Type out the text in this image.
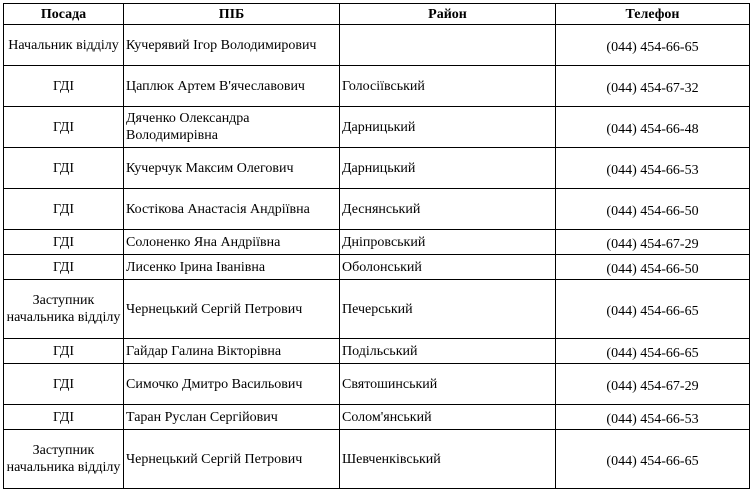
Посада	ПІБ	Район	Телефон
Начальник відділу	Кучерявий Ігор Володимирович		(044) 454-66-65
ГДІ	Цаплюк Артем В'ячеславович	Голосіївський	(044) 454-67-32
ГДІ	Дяченко Олександра Володимирівна	Дарницький	(044) 454-66-48
ГДІ	Кучерчук Максим Олегович	Дарницький	(044) 454-66-53
ГДІ	Костікова Анастасія Андріївна	Деснянський	(044) 454-66-50
ГДІ	Солоненко Яна Андріївна	Дніпровський	(044) 454-67-29
ГДІ	Лисенко Ірина Іванівна	Оболонський	(044) 454-66-50
Заступник начальника відділу	Чернецький Сергій Петрович	Печерський	(044) 454-66-65
ГДІ	Гайдар Галина Вікторівна	Подільський	(044) 454-66-65
ГДІ	Симочко Дмитро Васильович	Святошинський	(044) 454-67-29
ГДІ	Таран Руслан Сергійович	Солом'янський	(044) 454-66-53
Заступник начальника відділу	Чернецький Сергій Петрович	Шевченківський	(044) 454-66-65
